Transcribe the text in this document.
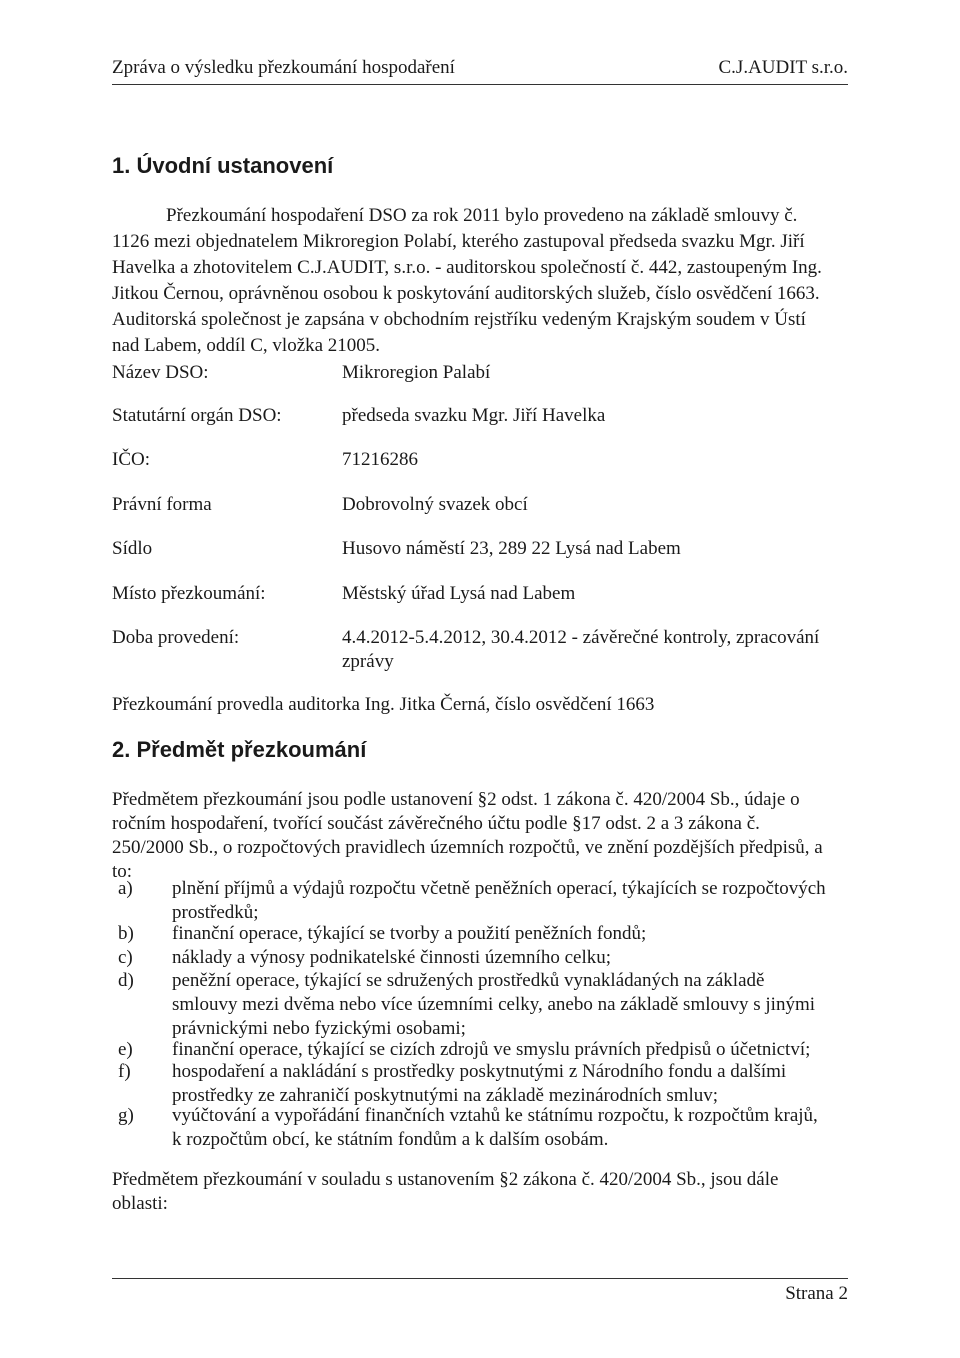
Zpráva o výsledku přezkoumání hospodaření	C.J.AUDIT s.r.o.
1. Úvodní ustanovení
Přezkoumání hospodaření DSO za rok 2011 bylo provedeno na základě smlouvy č.
1126 mezi objednatelem Mikroregion Polabí, kterého zastupoval předseda svazku Mgr. Jiří
Havelka a zhotovitelem C.J.AUDIT, s.r.o. - auditorskou společností č. 442, zastoupeným Ing.
Jitkou Černou, oprávněnou osobou k poskytování auditorských služeb, číslo osvědčení 1663.
Auditorská společnost je zapsána v obchodním rejstříku vedeným Krajským soudem v Ústí
nad Labem, oddíl C, vložka 21005.
Název DSO:	Mikroregion Palabí
Statutární orgán DSO:	předseda svazku Mgr. Jiří Havelka
IČO:	71216286
Právní forma	Dobrovolný svazek obcí
Sídlo	Husovo náměstí 23, 289 22 Lysá nad Labem
Místo přezkoumání:	Městský úřad Lysá nad Labem
Doba provedení:	4.4.2012-5.4.2012, 30.4.2012 - závěrečné kontroly, zpracování
zprávy
Přezkoumání provedla auditorka Ing. Jitka Černá, číslo osvědčení 1663
2. Předmět přezkoumání
Předmětem přezkoumání jsou podle ustanovení §2 odst. 1 zákona č. 420/2004 Sb., údaje o
ročním hospodaření, tvořící součást závěrečného účtu podle §17 odst. 2 a 3 zákona č.
250/2000 Sb., o rozpočtových pravidlech územních rozpočtů, ve znění pozdějších předpisů, a
to:
a)	plnění příjmů a výdajů rozpočtu včetně peněžních operací, týkajících se rozpočtových
prostředků;
b)	finanční operace, týkající se tvorby a použití peněžních fondů;
c)	náklady a výnosy podnikatelské činnosti územního celku;
d)	peněžní operace, týkající se sdružených prostředků vynakládaných na základě
smlouvy mezi dvěma nebo více územními celky, anebo na základě smlouvy s jinými
právnickými nebo fyzickými osobami;
e)	finanční operace, týkající se cizích zdrojů ve smyslu právních předpisů o účetnictví;
f)	hospodaření a nakládání s prostředky poskytnutými z Národního fondu a dalšími
prostředky ze zahraničí poskytnutými na základě mezinárodních smluv;
g)	vyúčtování a vypořádání finančních vztahů ke státnímu rozpočtu, k rozpočtům krajů,
k rozpočtům obcí, ke státním fondům a k dalším osobám.
Předmětem přezkoumání v souladu s ustanovením §2 zákona č. 420/2004 Sb., jsou dále
oblasti:
Strana 2
